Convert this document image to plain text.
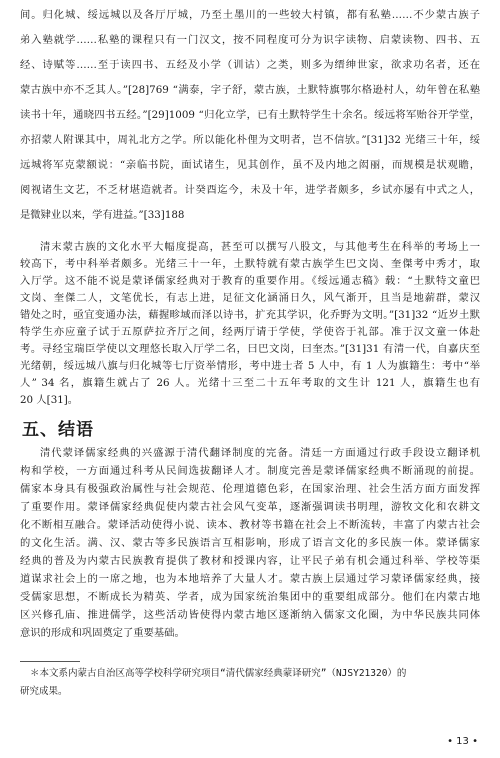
间。归化城、绥远城以及各厅厅城，乃至土墨川的一些较大村镇，都有私塾……不少蒙古族子
弟入塾就学……私塾的课程只有一门汉文，按不同程度可分为识字读物、启蒙读物、四书、五
经、诗赋等……至于读四书、五经及小学（训诂）之类，则多为缙绅世家，欲求功名者，还在
蒙古族中亦不乏其人。”[28]769 “满泰，字子舒，蒙古族，土默特旗鄂尔格逊村人，幼年曾在私塾
读书十年，通晓四书五经。”[29]1009 “归化立学，已有土默特学生十余名。绥远将军贻谷开学堂，
亦招蒙人附课其中，周礼北方之学。所以能化朴俚为文明者，岂不信欤。”[31]32 光绪三十年，绥
远城将军克蒙额说：“亲临书院，面试诸生，见其创作，虽不及内地之闳丽，而规模是状观瞻，
阅视诸生文艺，不乏材堪造就者。计癸酉迄今，未及十年，进学者颇多，乡试亦屡有中式之人，
是微肄业以来，学有进益。”[33]188
清末蒙古族的文化水平大幅度提高，甚至可以撰写八股文，与其他考生在科举的考场上一
较高下，考中科举者颇多。光绪三十一年，土默特就有蒙古族学生巴文岗、奎傑考中秀才，取
入厅学。这不能不说是蒙译儒家经典对于教育的重要作用。《绥远通志稿》载：“土默特文童巴
文岗、奎傑二人，文笔优长，有志上进，足征文化涵涌日久，风气渐开，且当是地薪群，蒙汉
错处之时，亟宜变通办法，藉握畛域而泽以诗书，扩充其学识，化乔野为文明。”[31]32 “近岁土默
特学生亦应童子试于五原萨拉齐厅之间，经两厅请于学使，学使咨于礼部。准于汉文童一体赴
考。寻经宝瑞臣学使以文理悠长取入厅学二名，曰巴文岗，曰奎杰。”[31]31 有清一代，自嘉庆至
光绪朝，绥远城八旗与归化城等七厅资举情形，考中进士者 5 人中，有 1 人为旗籍生：考中“举
人” 34 名，旗籍生就占了 26 人。光绪十三至二十五年考取的文生计 121 人，旗籍生也有
20 人[31]。
五、结语
清代蒙译儒家经典的兴盛源于清代翻译制度的完备。清廷一方面通过行政手段设立翻译机
构和学校，一方面通过科考从民间选拔翻译人才。制度完善是蒙译儒家经典不断涌现的前提。
儒家本身具有极强政治属性与社会规范、伦理道德色彩，在国家治理、社会生活方面方面发挥
了重要作用。蒙译儒家经典促使内蒙古社会风气变革，逐渐强调读书明理，游牧文化和农耕文
化不断相互融合。蒙译活动使得小说、读本、教材等书籍在社会上不断流转，丰富了内蒙古社会
的文化生活。满、汉、蒙古等多民族语言互相影响，形成了语言文化的多民族一体。蒙译儒家
经典的普及为内蒙古民族教育提供了教材和授课内容，让平民子弟有机会通过科举、学校等渠
道谋求社会上的一席之地，也为本地培养了大量人才。蒙古族上层通过学习蒙译儒家经典，接
受儒家思想，不断成长为精英、学者，成为国家统治集团中的重要组成部分。他们在内蒙古地
区兴修孔庙、推进儒学，这些活动皆使得内蒙古地区逐渐纳入儒家文化圈，为中华民族共同体
意识的形成和巩固奠定了重要基础。
＊本文系内蒙古自治区高等学校科学研究项目“清代儒家经典蒙译研究”（NJSY21320）的
研究成果。
• 13 •
